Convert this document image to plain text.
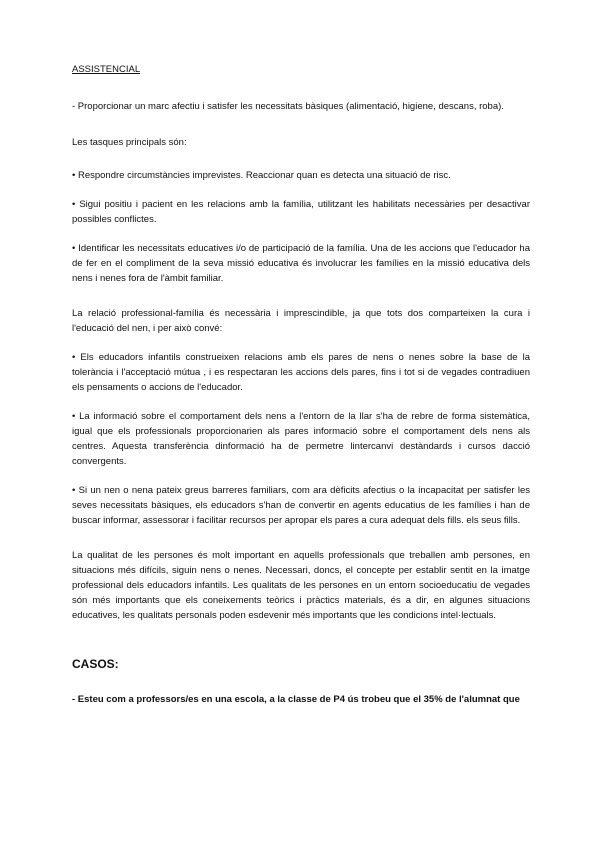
ASSISTENCIAL

- Proporcionar un marc afectiu i satisfer les necessitats bàsiques (alimentació, higiene, descans, roba).

Les tasques principals són:

• Respondre circumstàncies imprevistes. Reaccionar quan es detecta una situació de risc.

• Sigui positiu i pacient en les relacions amb la família, utilitzant les habilitats necessàries per desactivar possibles conflictes.

• Identificar les necessitats educatives i/o de participació de la família. Una de les accions que l'educador ha de fer en el compliment de la seva missió educativa és involucrar les famílies en la missió educativa dels nens i nenes fora de l'àmbit familiar.

La relació professional-família és necessària i imprescindible, ja que tots dos comparteixen la cura i l'educació del nen, i per això convé:

• Els educadors infantils construeixen relacions amb els pares de nens o nenes sobre la base de la tolerància i l'acceptació mútua , i es respectaran les accions dels pares, fins i tot si de vegades contradiuen els pensaments o accions de l'educador.

• La informació sobre el comportament dels nens a l'entorn de la llar s'ha de rebre de forma sistemàtica, igual que els professionals proporcionarien als pares informació sobre el comportament dels nens als centres. Aquesta transferència dinformació ha de permetre lintercanvi destàndards i cursos dacció convergents.

• Si un nen o nena pateix greus barreres familiars, com ara dèficits afectius o la incapacitat per satisfer les seves necessitats bàsiques, els educadors s'han de convertir en agents educatius de les famílies i han de buscar informar, assessorar i facilitar recursos per apropar els pares a cura adequat dels fills. els seus fills.

La qualitat de les persones és molt important en aquells professionals que treballen amb persones, en situacions més difícils, siguin nens o nenes. Necessari, doncs, el concepte per establir sentit en la imatge professional dels educadors infantils. Les qualitats de les persones en un entorn socioeducatiu de vegades són més importants que els coneixements teòrics i pràctics materials, és a dir, en algunes situacions educatives, les qualitats personals poden esdevenir més importants que les condicions intel·lectuals.

CASOS:

- Esteu com a professors/es en una escola, a la classe de P4 ús trobeu que el 35% de l'alumnat que
